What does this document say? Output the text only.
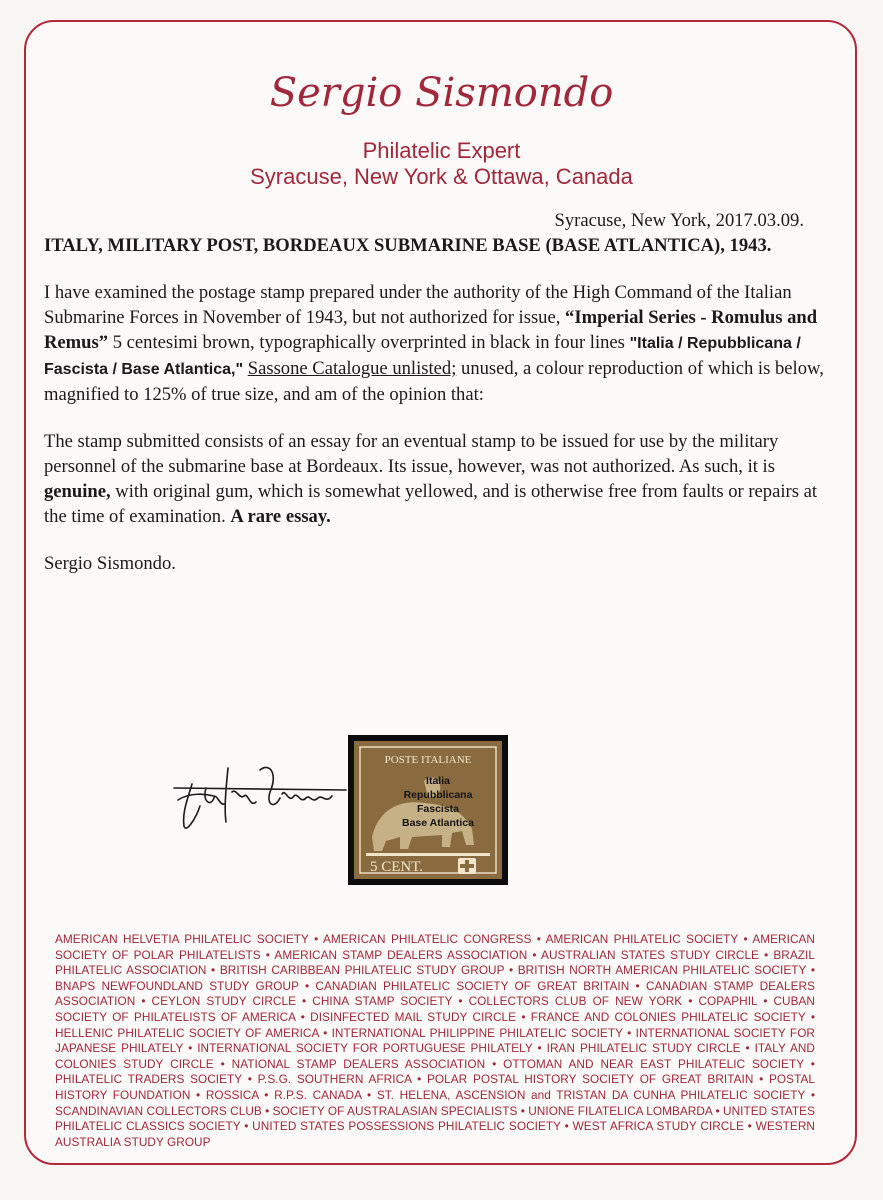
Sergio Sismondo
Philatelic Expert
Syracuse, New York & Ottawa, Canada
Syracuse, New York, 2017.03.09.

ITALY, MILITARY POST, BORDEAUX SUBMARINE BASE (BASE ATLANTICA), 1943.

I have examined the postage stamp prepared under the authority of the High Command of the Italian Submarine Forces in November of 1943, but not authorized for issue, “Imperial Series - Romulus and Remus” 5 centesimi brown, typographically overprinted in black in four lines "Italia / Repubblicana / Fascista / Base Atlantica," Sassone Catalogue unlisted; unused, a colour reproduction of which is below, magnified to 125% of true size, and am of the opinion that:

The stamp submitted consists of an essay for an eventual stamp to be issued for use by the military personnel of the submarine base at Bordeaux. Its issue, however, was not authorized. As such, it is genuine, with original gum, which is somewhat yellowed, and is otherwise free from faults or repairs at the time of examination. A rare essay.

Sergio Sismondo.

POSTE ITALIANE
5 CENT.
Italia
Repubblicana
Fascista
Base Atlantica
AMERICAN HELVETIA PHILATELIC SOCIETY • AMERICAN PHILATELIC CONGRESS • AMERICAN PHILATELIC SOCIETY • AMERICAN SOCIETY OF POLAR PHILATELISTS • AMERICAN STAMP DEALERS ASSOCIATION • AUSTRALIAN STATES STUDY CIRCLE • BRAZIL PHILATELIC ASSOCIATION • BRITISH CARIBBEAN PHILATELIC STUDY GROUP • BRITISH NORTH AMERICAN PHILATELIC SOCIETY • BNAPS NEWFOUNDLAND STUDY GROUP • CANADIAN PHILATELIC SOCIETY OF GREAT BRITAIN • CANADIAN STAMP DEALERS ASSOCIATION • CEYLON STUDY CIRCLE • CHINA STAMP SOCIETY • COLLECTORS CLUB OF NEW YORK • COPAPHIL • CUBAN SOCIETY OF PHILATELISTS OF AMERICA • DISINFECTED MAIL STUDY CIRCLE • FRANCE AND COLONIES PHILATELIC SOCIETY • HELLENIC PHILATELIC SOCIETY OF AMERICA • INTERNATIONAL PHILIPPINE PHILATELIC SOCIETY • INTERNATIONAL SOCIETY FOR JAPANESE PHILATELY • INTERNATIONAL SOCIETY FOR PORTUGUESE PHILATELY • IRAN PHILATELIC STUDY CIRCLE • ITALY AND COLONIES STUDY CIRCLE • NATIONAL STAMP DEALERS ASSOCIATION • OTTOMAN AND NEAR EAST PHILATELIC SOCIETY • PHILATELIC TRADERS SOCIETY • P.S.G. SOUTHERN AFRICA • POLAR POSTAL HISTORY SOCIETY OF GREAT BRITAIN • POSTAL HISTORY FOUNDATION • ROSSICA • R.P.S. CANADA • ST. HELENA, ASCENSION and TRISTAN DA CUNHA PHILATELIC SOCIETY • SCANDINAVIAN COLLECTORS CLUB • SOCIETY OF AUSTRALASIAN SPECIALISTS • UNIONE FILATELICA LOMBARDA • UNITED STATES PHILATELIC CLASSICS SOCIETY • UNITED STATES POSSESSIONS PHILATELIC SOCIETY • WEST AFRICA STUDY CIRCLE • WESTERN AUSTRALIA STUDY GROUP
